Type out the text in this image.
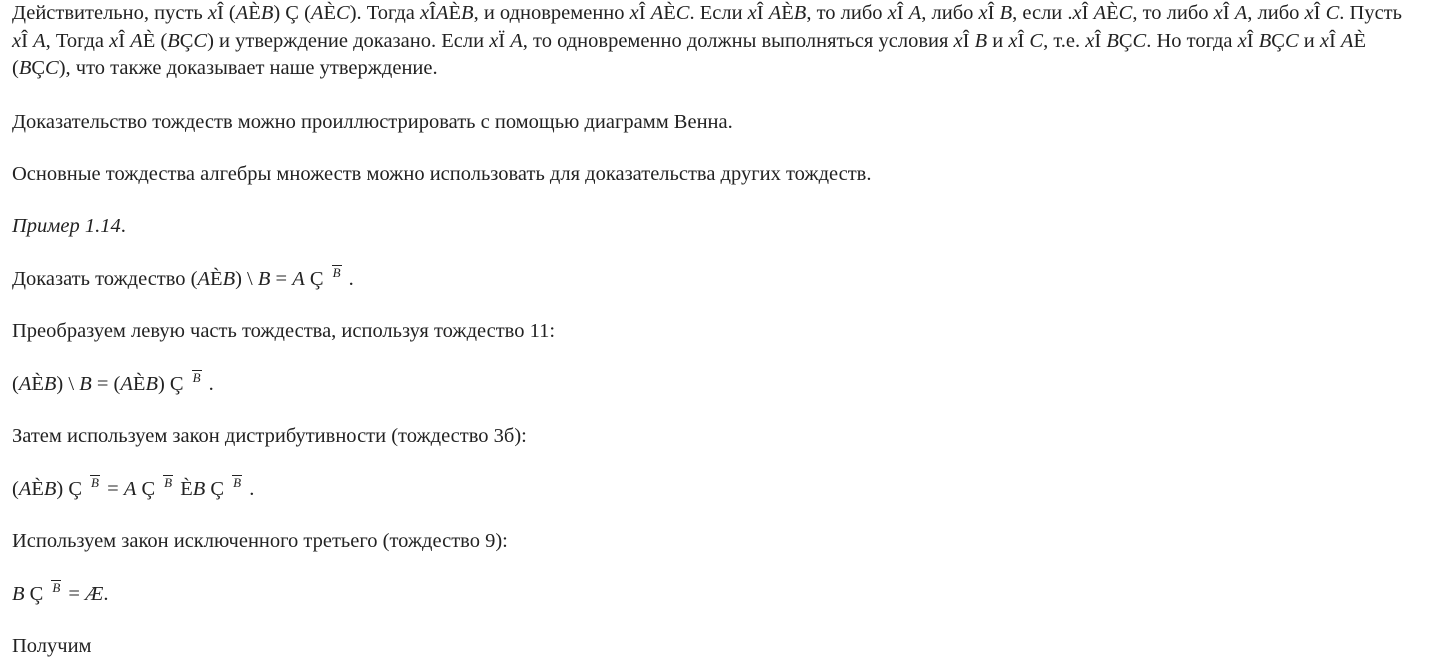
Действительно, пусть xÎ (AÈB) Ç (AÈC). Тогда xÎAÈB, и одновременно xÎ AÈC. Если xÎ AÈB, то либо xÎ A, либо xÎ B, если .xÎ AÈC, то либо xÎ A, либо xÎ C. Пусть xÎ A, Тогда xÎ AÈ (BÇC) и утверждение доказано. Если xÏ A, то одновременно должны выполняться условия xÎ B и xÎ C, т.е. xÎ BÇC. Но тогда xÎ BÇC и xÎ AÈ (BÇC), что также доказывает наше утверждение.

Доказательство тождеств можно проиллюстрировать с помощью диаграмм Венна.

Основные тождества алгебры множеств можно использовать для доказательства других тождеств.

Пример 1.14.

Доказать тождество (AÈB) \ B = A Ç B .

Преобразуем левую часть тождества, используя тождество 11:

(AÈB) \ B = (AÈB) Ç B .

Затем используем закон дистрибутивности (тождество 3б):

(AÈB) Ç B = A Ç B ÈB Ç B .

Используем закон исключенного третьего (тождество 9):

B Ç B = Æ.

Получим
